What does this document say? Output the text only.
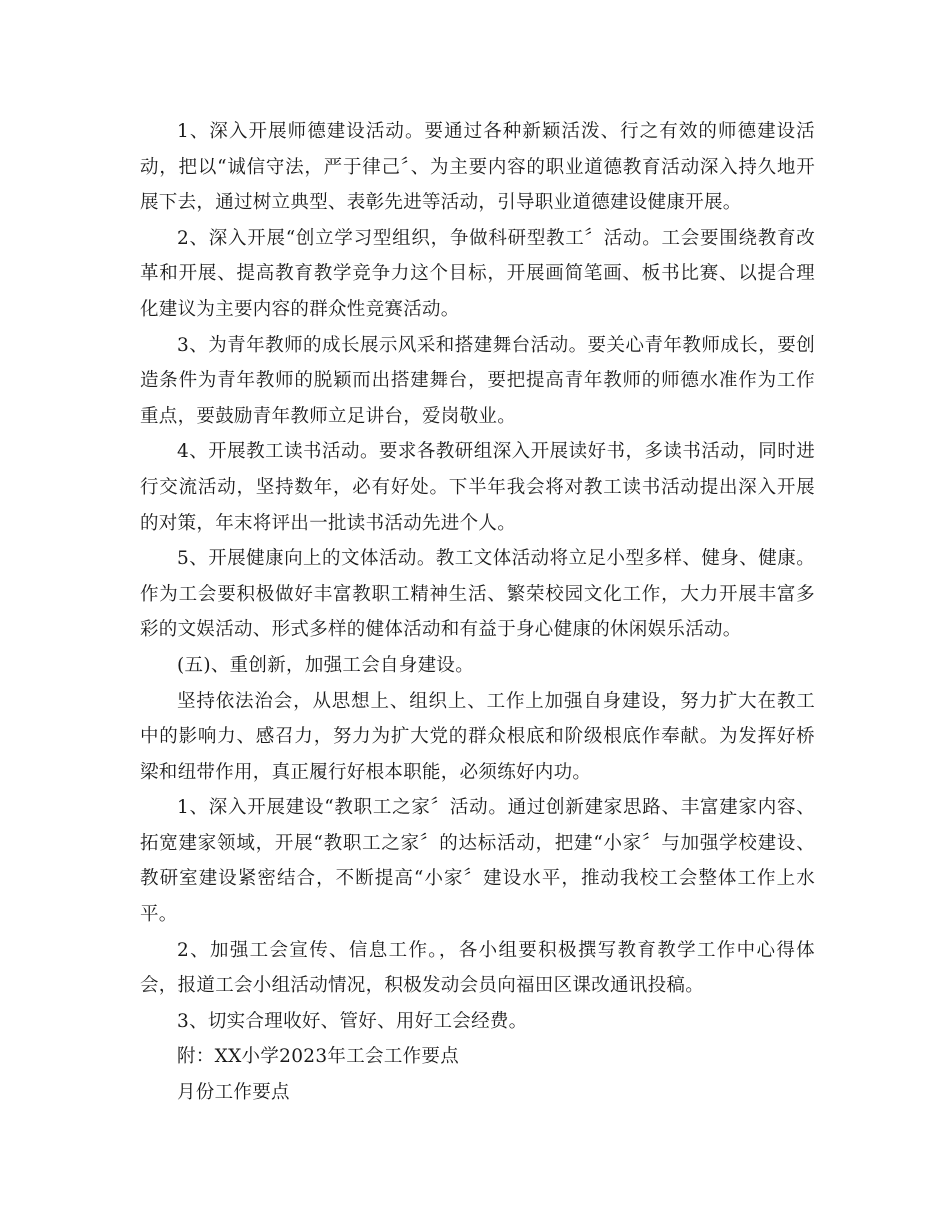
1、深入开展师德建设活动。要通过各种新颖活泼、行之有效的师德建设活动，把以“诚信守法，严于律己〞、为主要内容的职业道德教育活动深入持久地开展下去，通过树立典型、表彰先进等活动，引导职业道德建设健康开展。

2、深入开展“创立学习型组织，争做科研型教工〞活动。工会要围绕教育改革和开展、提高教育教学竞争力这个目标，开展画简笔画、板书比赛、以提合理化建议为主要内容的群众性竞赛活动。

3、为青年教师的成长展示风采和搭建舞台活动。要关心青年教师成长，要创造条件为青年教师的脱颖而出搭建舞台，要把提高青年教师的师德水准作为工作重点，要鼓励青年教师立足讲台，爱岗敬业。

4、开展教工读书活动。要求各教研组深入开展读好书，多读书活动，同时进行交流活动，坚持数年，必有好处。下半年我会将对教工读书活动提出深入开展的对策，年末将评出一批读书活动先进个人。

5、开展健康向上的文体活动。教工文体活动将立足小型多样、健身、健康。作为工会要积极做好丰富教职工精神生活、繁荣校园文化工作，大力开展丰富多彩的文娱活动、形式多样的健体活动和有益于身心健康的休闲娱乐活动。

(五)、重创新，加强工会自身建设。

坚持依法治会，从思想上、组织上、工作上加强自身建设，努力扩大在教工中的影响力、感召力，努力为扩大党的群众根底和阶级根底作奉献。为发挥好桥梁和纽带作用，真正履行好根本职能，必须练好内功。

1、深入开展建设“教职工之家〞活动。通过创新建家思路、丰富建家内容、拓宽建家领域，开展“教职工之家〞的达标活动，把建“小家〞与加强学校建设、教研室建设紧密结合，不断提高“小家〞建设水平，推动我校工会整体工作上水平。

2、加强工会宣传、信息工作。，各小组要积极撰写教育教学工作中心得体会，报道工会小组活动情况，积极发动会员向福田区课改通讯投稿。

3、切实合理收好、管好、用好工会经费。

附：XX小学2023年工会工作要点

月份工作要点
